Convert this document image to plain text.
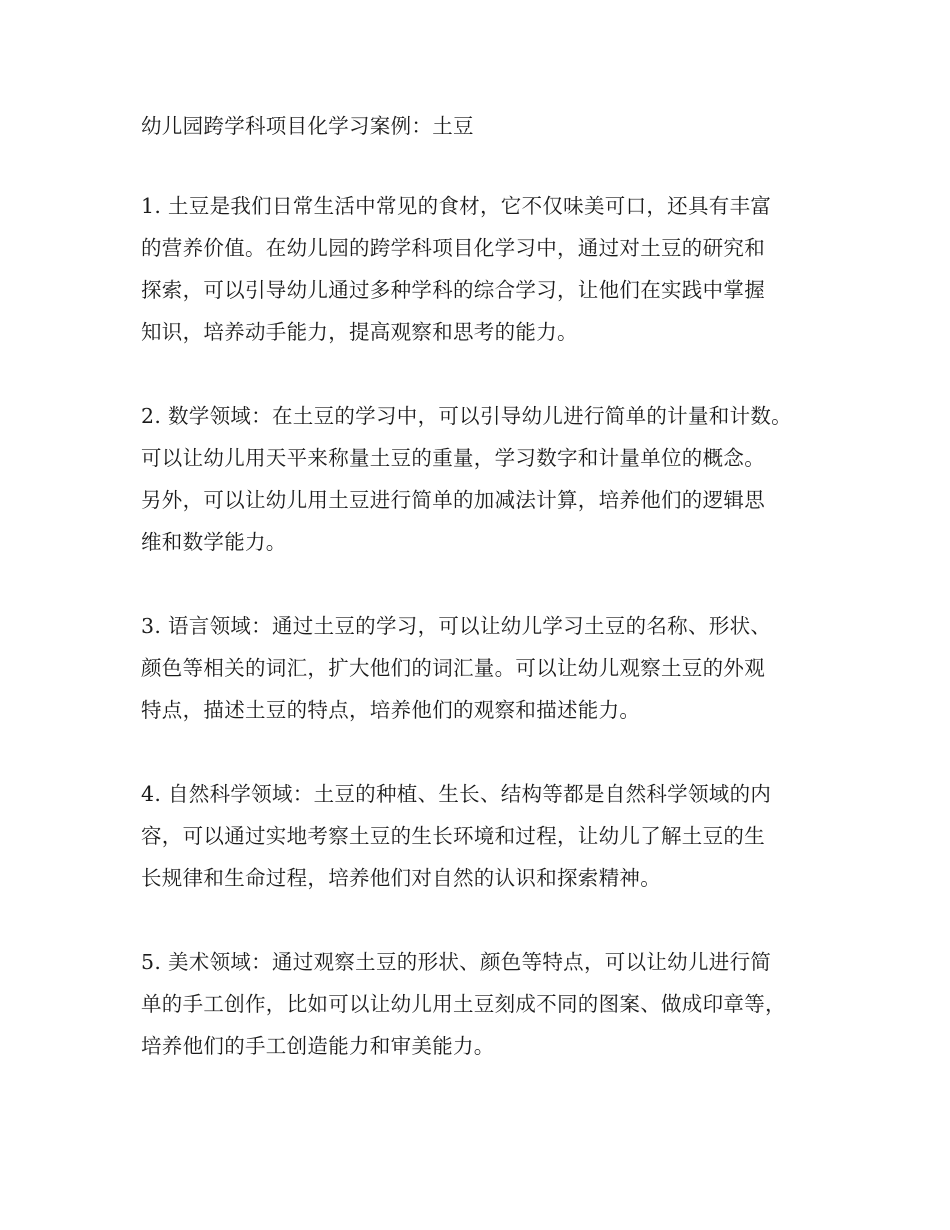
幼儿园跨学科项目化学习案例：土豆
1. 土豆是我们日常生活中常见的食材，它不仅味美可口，还具有丰富
的营养价值。在幼儿园的跨学科项目化学习中，通过对土豆的研究和
探索，可以引导幼儿通过多种学科的综合学习，让他们在实践中掌握
知识，培养动手能力，提高观察和思考的能力。
2. 数学领域：在土豆的学习中，可以引导幼儿进行简单的计量和计数。
可以让幼儿用天平来称量土豆的重量，学习数字和计量单位的概念。
另外，可以让幼儿用土豆进行简单的加减法计算，培养他们的逻辑思
维和数学能力。
3. 语言领域：通过土豆的学习，可以让幼儿学习土豆的名称、形状、
颜色等相关的词汇，扩大他们的词汇量。可以让幼儿观察土豆的外观
特点，描述土豆的特点，培养他们的观察和描述能力。
4. 自然科学领域：土豆的种植、生长、结构等都是自然科学领域的内
容，可以通过实地考察土豆的生长环境和过程，让幼儿了解土豆的生
长规律和生命过程，培养他们对自然的认识和探索精神。
5. 美术领域：通过观察土豆的形状、颜色等特点，可以让幼儿进行简
单的手工创作，比如可以让幼儿用土豆刻成不同的图案、做成印章等，
培养他们的手工创造能力和审美能力。
